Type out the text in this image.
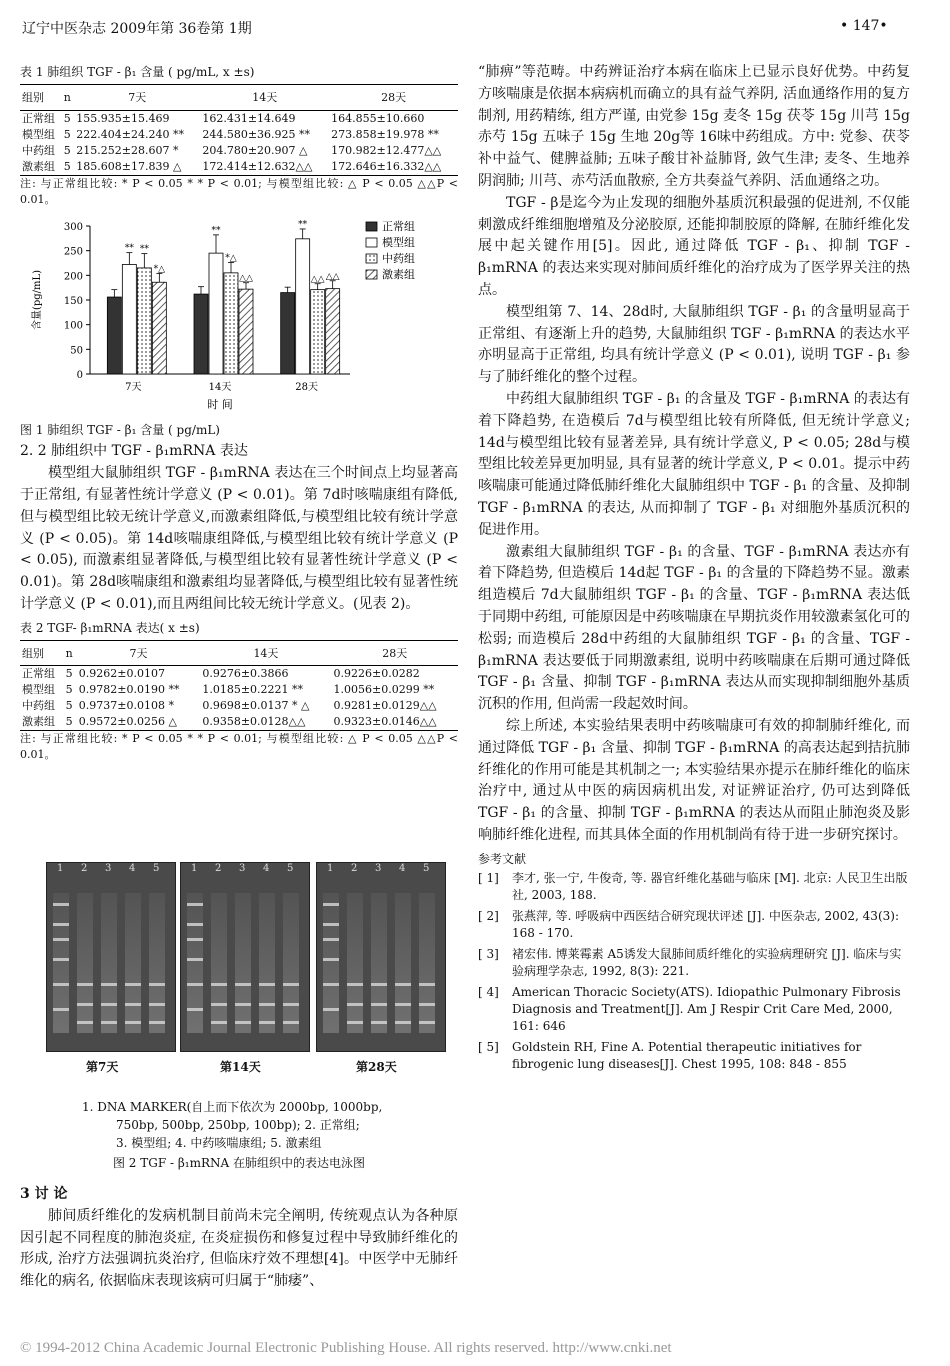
辽宁中医杂志 2009年第 36卷第 1期	• 147•

表 1 肺组织 TGF - β₁ 含量 ( pg/mL, x ±s)

组别	n	7天	14天	28天
正常组	5	155.935±15.469	162.431±14.649	164.855±10.660
模型组	5	222.404±24.240 **	244.580±36.925 **	273.858±19.978 **
中药组	5	215.252±28.607 *	204.780±20.907 △	170.982±12.477△△
激素组	5	185.608±17.839 △	172.414±12.632△△	172.646±16.332△△

注: 与正常组比较: * P < 0.05 * * P < 0.01; 与模型组比较: △ P < 0.05 △△P < 0.01。

0
50
100
150
200
250
300
含量(pg/mL)
** **
*△
7天
**
*△
△△
14天
**
△△ △△
28天
时 间
正常组
模型组
中药组
激素组

图 1 肺组织 TGF - β₁ 含量 ( pg/mL)

2. 2 肺组织中 TGF - β₁mRNA 表达

模型组大鼠肺组织 TGF - β₁mRNA 表达在三个时间点上均显著高于正常组, 有显著性统计学意义 (P < 0.01)。第 7d时咳喘康组有降低,但与模型组比较无统计学意义,而激素组降低,与模型组比较有统计学意义 (P < 0.05)。第 14d咳喘康组降低,与模型组比较有统计学意义 (P < 0.05), 而激素组显著降低,与模型组比较有显著性统计学意义 (P < 0.01)。第 28d咳喘康组和激素组均显著降低,与模型组比较有显著性统计学意义 (P < 0.01),而且两组间比较无统计学意义。(见表 2)。

表 2 TGF- β₁mRNA 表达( x ±s)

组别	n	7天	14天	28天
正常组	5	0.9262±0.0107	0.9276±0.3866	0.9226±0.0282
模型组	5	0.9782±0.0190 **	1.0185±0.2221 **	1.0056±0.0299 **
中药组	5	0.9737±0.0108 *	0.9698±0.0137 * △	0.9281±0.0129△△
激素组	5	0.9572±0.0256 △	0.9358±0.0128△△	0.9323±0.0146△△

注: 与正常组比较: * P < 0.05 * * P < 0.01; 与模型组比较: △ P < 0.05 △△P < 0.01。

1 2 3 4 5
第7天
1 2 3 4 5
第14天
1 2 3 4 5
第28天
1. DNA MARKER(自上而下依次为 2000bp, 1000bp,
750bp, 500bp, 250bp, 100bp); 2. 正常组;
3. 模型组; 4. 中药咳喘康组; 5. 激素组

图 2 TGF - β₁mRNA 在肺组织中的表达电泳图

3 讨 论

肺间质纤维化的发病机制目前尚未完全阐明, 传统观点认为各种原因引起不同程度的肺泡炎症, 在炎症损伤和修复过程中导致肺纤维化的形成, 治疗方法强调抗炎治疗, 但临床疗效不理想[4]。中医学中无肺纤维化的病名, 依据临床表现该病可归属于“肺痿”、

“肺痹”等范畴。中药辨证治疗本病在临床上已显示良好优势。中药复方咳喘康是依据本病病机而确立的具有益气养阴, 活血通络作用的复方制剂, 用药精练, 组方严谨, 由党参 15g 麦冬 15g 茯苓 15g 川芎 15g 赤芍 15g 五味子 15g 生地 20g等 16味中药组成。方中: 党参、茯苓补中益气、健脾益肺; 五味子酸甘补益肺肾, 敛气生津; 麦冬、生地养阴润肺; 川芎、赤芍活血散瘀, 全方共奏益气养阴、活血通络之功。

TGF - β是迄今为止发现的细胞外基质沉积最强的促进剂, 不仅能刺激成纤维细胞增殖及分泌胶原, 还能抑制胶原的降解, 在肺纤维化发展中起关键作用[5]。因此, 通过降低 TGF - β₁、抑制 TGF - β₁mRNA 的表达来实现对肺间质纤维化的治疗成为了医学界关注的热点。

模型组第 7、14、28d时, 大鼠肺组织 TGF - β₁ 的含量明显高于正常组、有逐渐上升的趋势, 大鼠肺组织 TGF - β₁mRNA 的表达水平亦明显高于正常组, 均具有统计学意义 (P < 0.01), 说明 TGF - β₁ 参与了肺纤维化的整个过程。

中药组大鼠肺组织 TGF - β₁ 的含量及 TGF - β₁mRNA 的表达有着下降趋势, 在造模后 7d与模型组比较有所降低, 但无统计学意义; 14d与模型组比较有显著差异, 具有统计学意义, P < 0.05; 28d与模型组比较差异更加明显, 具有显著的统计学意义, P < 0.01。提示中药咳喘康可能通过降低肺纤维化大鼠肺组织中 TGF - β₁ 的含量、及抑制 TGF - β₁mRNA 的表达, 从而抑制了 TGF - β₁ 对细胞外基质沉积的促进作用。

激素组大鼠肺组织 TGF - β₁ 的含量、TGF - β₁mRNA 表达亦有着下降趋势, 但造模后 14d起 TGF - β₁ 的含量的下降趋势不显。激素组造模后 7d大鼠肺组织 TGF - β₁ 的含量、TGF - β₁mRNA 表达低于同期中药组, 可能原因是中药咳喘康在早期抗炎作用较激素氢化可的松弱; 而造模后 28d中药组的大鼠肺组织 TGF - β₁ 的含量、TGF - β₁mRNA 表达要低于同期激素组, 说明中药咳喘康在后期可通过降低 TGF - β₁ 含量、抑制 TGF - β₁mRNA 表达从而实现抑制细胞外基质沉积的作用, 但尚需一段起效时间。

综上所述, 本实验结果表明中药咳喘康可有效的抑制肺纤维化, 而通过降低 TGF - β₁ 含量、抑制 TGF - β₁mRNA 的高表达起到拮抗肺纤维化的作用可能是其机制之一; 本实验结果亦提示在肺纤维化的临床治疗中, 通过从中医的病因病机出发, 对证辨证治疗, 仍可达到降低 TGF - β₁ 的含量、抑制 TGF - β₁mRNA 的表达从而阻止肺泡炎及影响肺纤维化进程, 而其具体全面的作用机制尚有待于进一步研究探讨。

参考文献

[ 1] 李才, 张一宁, 牛俊奇, 等. 器官纤维化基础与临床 [M]. 北京: 人民卫生出版社, 2003, 188.
[ 2] 张燕萍, 等. 呼吸病中西医结合研究现状评述 [J]. 中医杂志, 2002, 43(3): 168 - 170.
[ 3] 褚宏伟. 博莱霉素 A5诱发大鼠肺间质纤维化的实验病理研究 [J]. 临床与实验病理学杂志, 1992, 8(3): 221.
[ 4] American Thoracic Society(ATS). Idiopathic Pulmonary Fibrosis Diagnosis and Treatment[J]. Am J Respir Crit Care Med, 2000, 161: 646
[ 5] Goldstein RH, Fine A. Potential therapeutic initiatives for fibrogenic lung diseases[J]. Chest 1995, 108: 848 - 855
© 1994-2012 China Academic Journal Electronic Publishing House. All rights reserved. http://www.cnki.net
